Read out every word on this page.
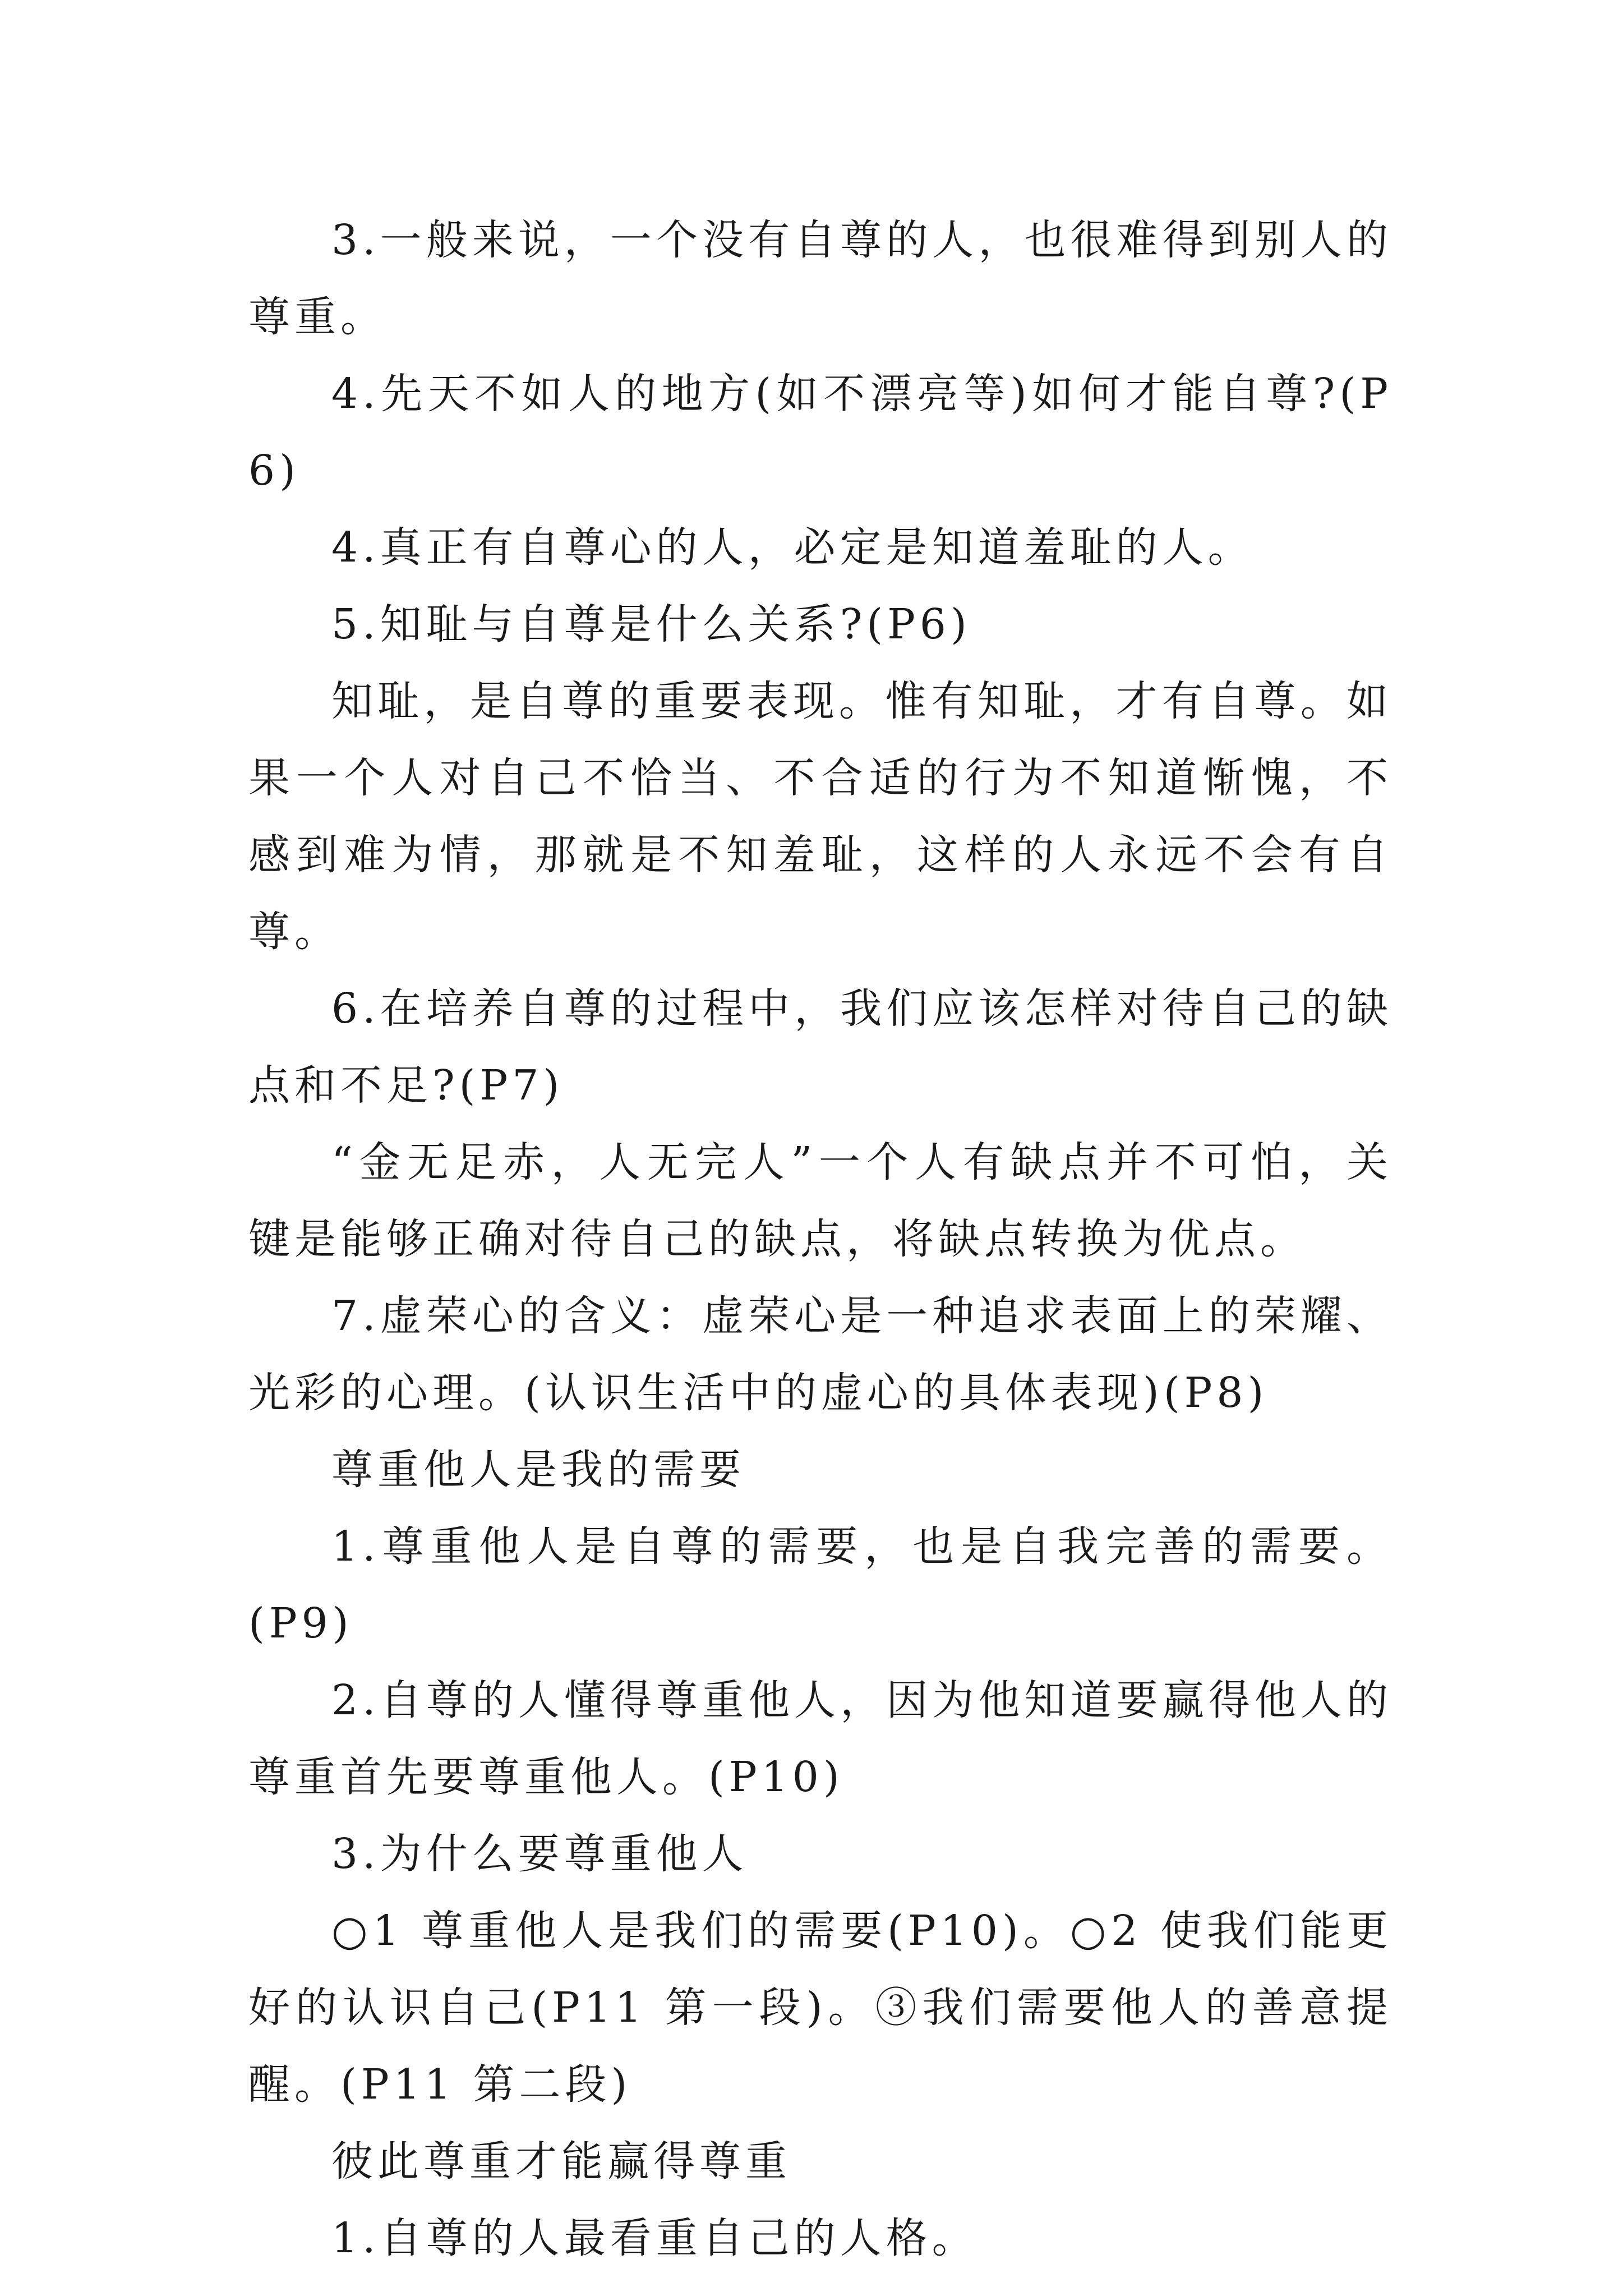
3.一般来说，一个没有自尊的人，也很难得到别人的尊重。

4.先天不如人的地方(如不漂亮等)如何才能自尊?(P6)

4.真正有自尊心的人，必定是知道羞耻的人。

5.知耻与自尊是什么关系?(P6)

知耻，是自尊的重要表现。惟有知耻，才有自尊。如果一个人对自己不恰当、不合适的行为不知道惭愧，不感到难为情，那就是不知羞耻，这样的人永远不会有自尊。

6.在培养自尊的过程中，我们应该怎样对待自己的缺点和不足?(P7)

“金无足赤，人无完人”一个人有缺点并不可怕，关键是能够正确对待自己的缺点，将缺点转换为优点。

7.虚荣心的含义：虚荣心是一种追求表面上的荣耀、光彩的心理。(认识生活中的虚心的具体表现)(P8)

尊重他人是我的需要

1.尊重他人是自尊的需要，也是自我完善的需要。(P9)

2.自尊的人懂得尊重他人，因为他知道要赢得他人的尊重首先要尊重他人。(P10)

3.为什么要尊重他人

○1 尊重他人是我们的需要(P10)。○2 使我们能更好的认识自己(P11 第一段)。③我们需要他人的善意提醒。(P11 第二段)

彼此尊重才能赢得尊重

1.自尊的人最看重自己的人格。
